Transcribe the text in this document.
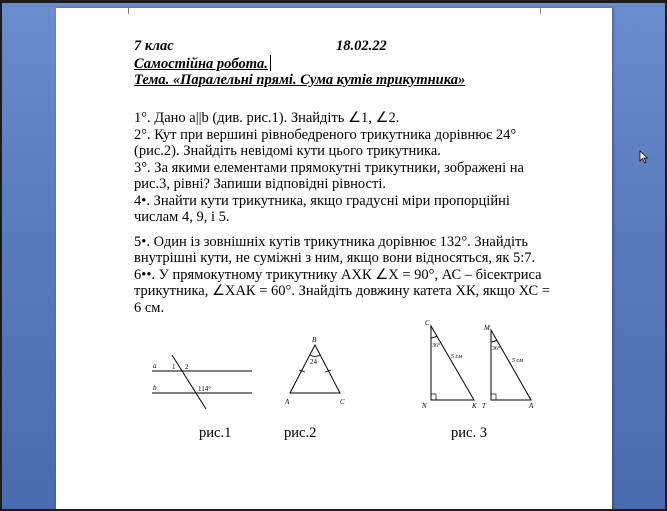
7 клас	18.02.22
Самостійна робота.
Тема. «Паралельні прямі. Сума кутів трикутника»

1°. Дано a||b (див. рис.1). Знайдіть ∠1, ∠2.

2°. Кут при вершині рівнобедреного трикутника дорівнює 24°

(рис.2). Знайдіть невідомі кути цього трикутника.

3°. За якими елементами прямокутні трикутники, зображені на

рис.3, рівні? Запиши відповідні рівності.

4•. Знайти кути трикутника, якщо градусні міри пропорційні

числам 4, 9, і 5.

5•. Один із зовнішніх кутів трикутника дорівнює 132°. Знайдіть

внутрішні кути, не суміжні з ним, якщо вони відносяться, як 5:7.

6••. У прямокутному трикутнику АХК ∠Х = 90°, АС – бісектриса

трикутника, ∠ХАК = 60°. Знайдіть довжину катета ХК, якщо ХС =

6 см.

a
b
1 2
114°
рис.1
B
A	C
24
рис.2
C
N	K
36°
5 см
M
T	A
36°
5 см
рис. 3
